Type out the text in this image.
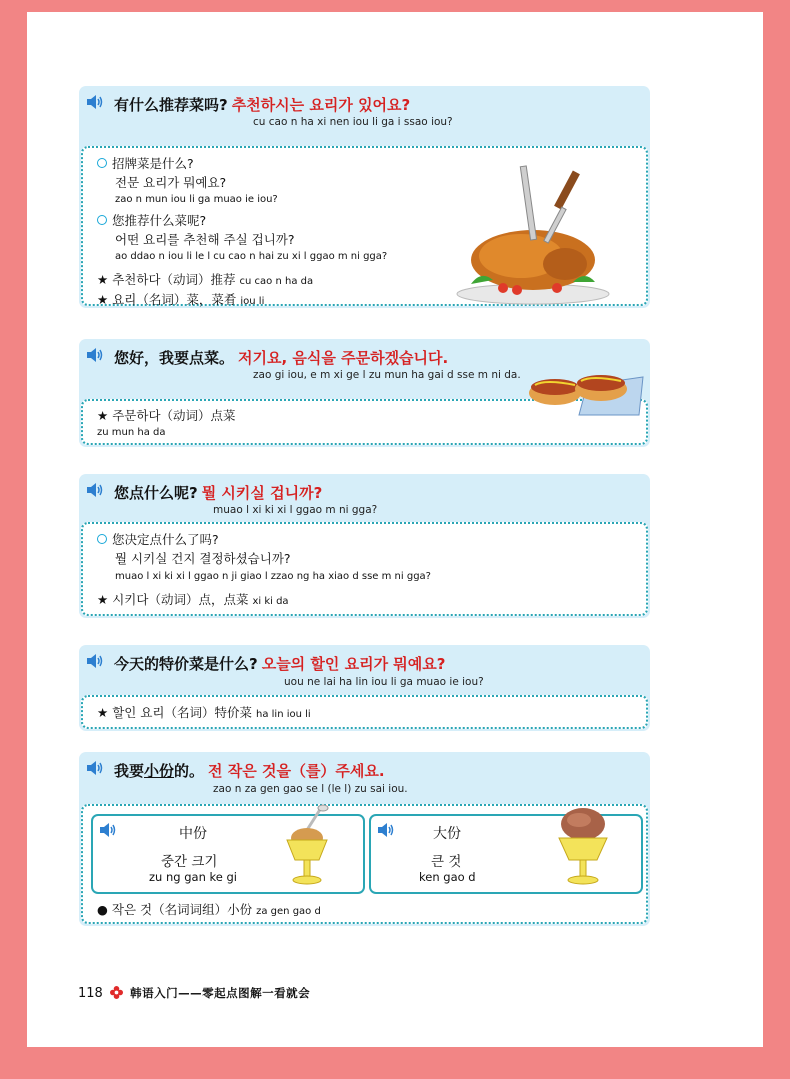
有什么推荐菜吗? 추천하시는 요리가 있어요?
cu cao n ha xi nen iou li ga i ssao iou?
招牌菜是什么?
전문 요리가 뭐예요?
zao n mun iou li ga muao ie iou?
您推荐什么菜呢?
어떤 요리를 추천해 주실 겁니까?
ao ddao n iou li le l cu cao n hai zu xi l ggao m ni gga?
★ 추천하다（动词）推荐 cu cao n ha da
★ 요리（名词）菜，菜肴 iou li
您好，我要点菜。 저기요, 음식을 주문하겠습니다.
zao gi iou, e m xi ge l zu mun ha gai d sse m ni da.
★ 주문하다（动词）点菜
zu mun ha da
您点什么呢? 뭘 시키실 겁니까?
muao l xi ki xi l ggao m ni gga?
您决定点什么了吗?
뭘 시키실 건지 결정하셨습니까?
muao l xi ki xi l ggao n ji giao l zzao ng ha xiao d sse m ni gga?
★ 시키다（动词）点，点菜 xi ki da
今天的特价菜是什么? 오늘의 할인 요리가 뭐예요?
uou ne lai ha lin iou li ga muao ie iou?
★ 할인 요리（名词）特价菜 ha lin iou li
我要小份的。 전 작은 것을（를）주세요.
zao n za gen gao se l (le l) zu sai iou.
中份
중간 크기
zu ng gan ke gi
大份
큰 것
ken gao d
● 작은 것（名词词组）小份 za gen gao d
118 韩语入门——零起点图解一看就会
